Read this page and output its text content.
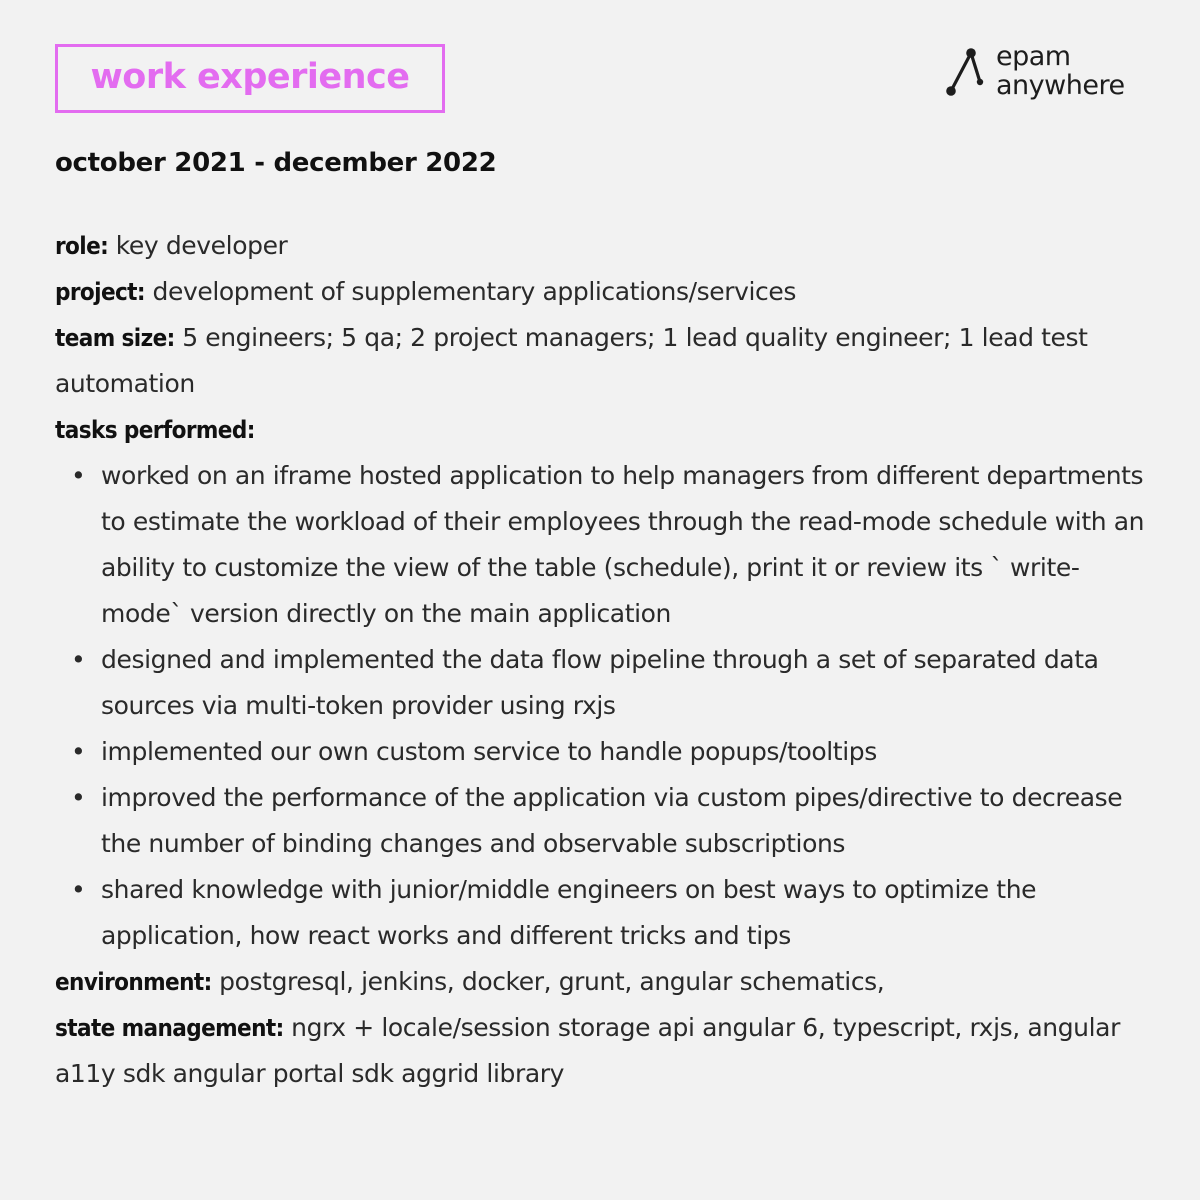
work experience	epam
anywhere
october 2021 - december 2022

role: key developer

project: development of supplementary applications/services

team size: 5 engineers; 5 qa; 2 project managers; 1 lead quality engineer; 1 lead test automation

tasks performed:

• worked on an iframe hosted application to help managers from different departments to estimate the workload of their employees through the read-mode schedule with an ability to customize the view of the table (schedule), print it or review its ` write-mode` version directly on the main application
• designed and implemented the data flow pipeline through a set of separated data sources via multi-token provider using rxjs
• implemented our own custom service to handle popups/tooltips
• improved the performance of the application via custom pipes/directive to decrease the number of binding changes and observable subscriptions
• shared knowledge with junior/middle engineers on best ways to optimize the application, how react works and different tricks and tips

environment: postgresql, jenkins, docker, grunt, angular schematics,

state management: ngrx + locale/session storage api angular 6, typescript, rxjs, angular a11y sdk angular portal sdk aggrid library
